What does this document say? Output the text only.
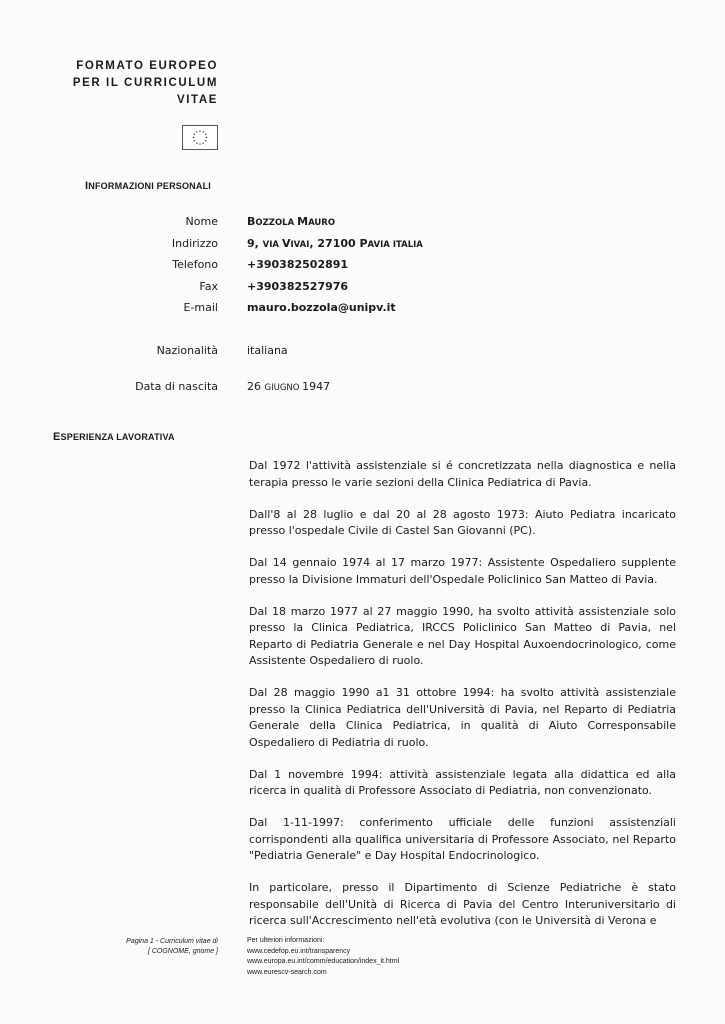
FORMATO EUROPEO
PER IL CURRICULUM
VITAE
INFORMAZIONI PERSONALI
Nome	BOZZOLA MAURO
Indirizzo	9, VIA VIVAI, 27100 PAVIA ITALIA
Telefono	+390382502891
Fax	+390382527976
E-mail	mauro.bozzola@unipv.it
Nazionalità	italiana
Data di nascita	26 GIUGNO 1947
ESPERIENZA LAVORATIVA

Dal 1972 l'attività assistenziale si é concretizzata nella diagnostica e nella terapia presso le varie sezioni della Clinica Pediatrica di Pavia.

Dall'8 al 28 luglio e dal 20 al 28 agosto 1973: Aiuto Pediatra incaricato presso l'ospedale Civile di Castel San Giovanni (PC).

Dal 14 gennaio 1974 al 17 marzo 1977: Assistente Ospedaliero supplente presso la Divisione Immaturi dell'Ospedale Policlinico San Matteo di Pavia.

Dal 18 marzo 1977 al 27 maggio 1990, ha svolto attività assistenziale solo presso la Clinica Pediatrica, IRCCS Policlinico San Matteo di Pavia, nel Reparto di Pediatria Generale e nel Day Hospital Auxoendocrinologico, come Assistente Ospedaliero di ruolo.

Dal 28 maggio 1990 a1 31 ottobre 1994: ha svolto attività assistenziale presso la Clinica Pediatrica dell'Università di Pavia, nel Reparto di Pediatria Generale della Clinica Pediatrica, in qualità di Aiuto Corresponsabile Ospedaliero di Pediatria di ruolo.

Dal 1 novembre 1994: attività assistenziale legata alla didattica ed alla ricerca in qualità di Professore Associato di Pediatria, non convenzionato.

Dal 1-11-1997: conferimento ufficiale delle funzioni assistenziali corrispondenti alla qualifica universitaria di Professore Associato, nel Reparto "Pediatria Generale" e Day Hospital Endocrinologico.

In particolare, presso il Dipartimento di Scienze Pediatriche è stato responsabile dell'Unità di Ricerca di Pavia del Centro Interuniversitario di ricerca sull'Accrescimento nell'età evolutiva (con le Università di Verona e

Pagina 1 - Curriculum vitae di
[ COGNOME, gnome ]
Per ulteriori informazioni:
www.cedefop.eu.int/transparency
www.europa.eu.int/comm/education/index_it.html
www.eurescv-search.com
